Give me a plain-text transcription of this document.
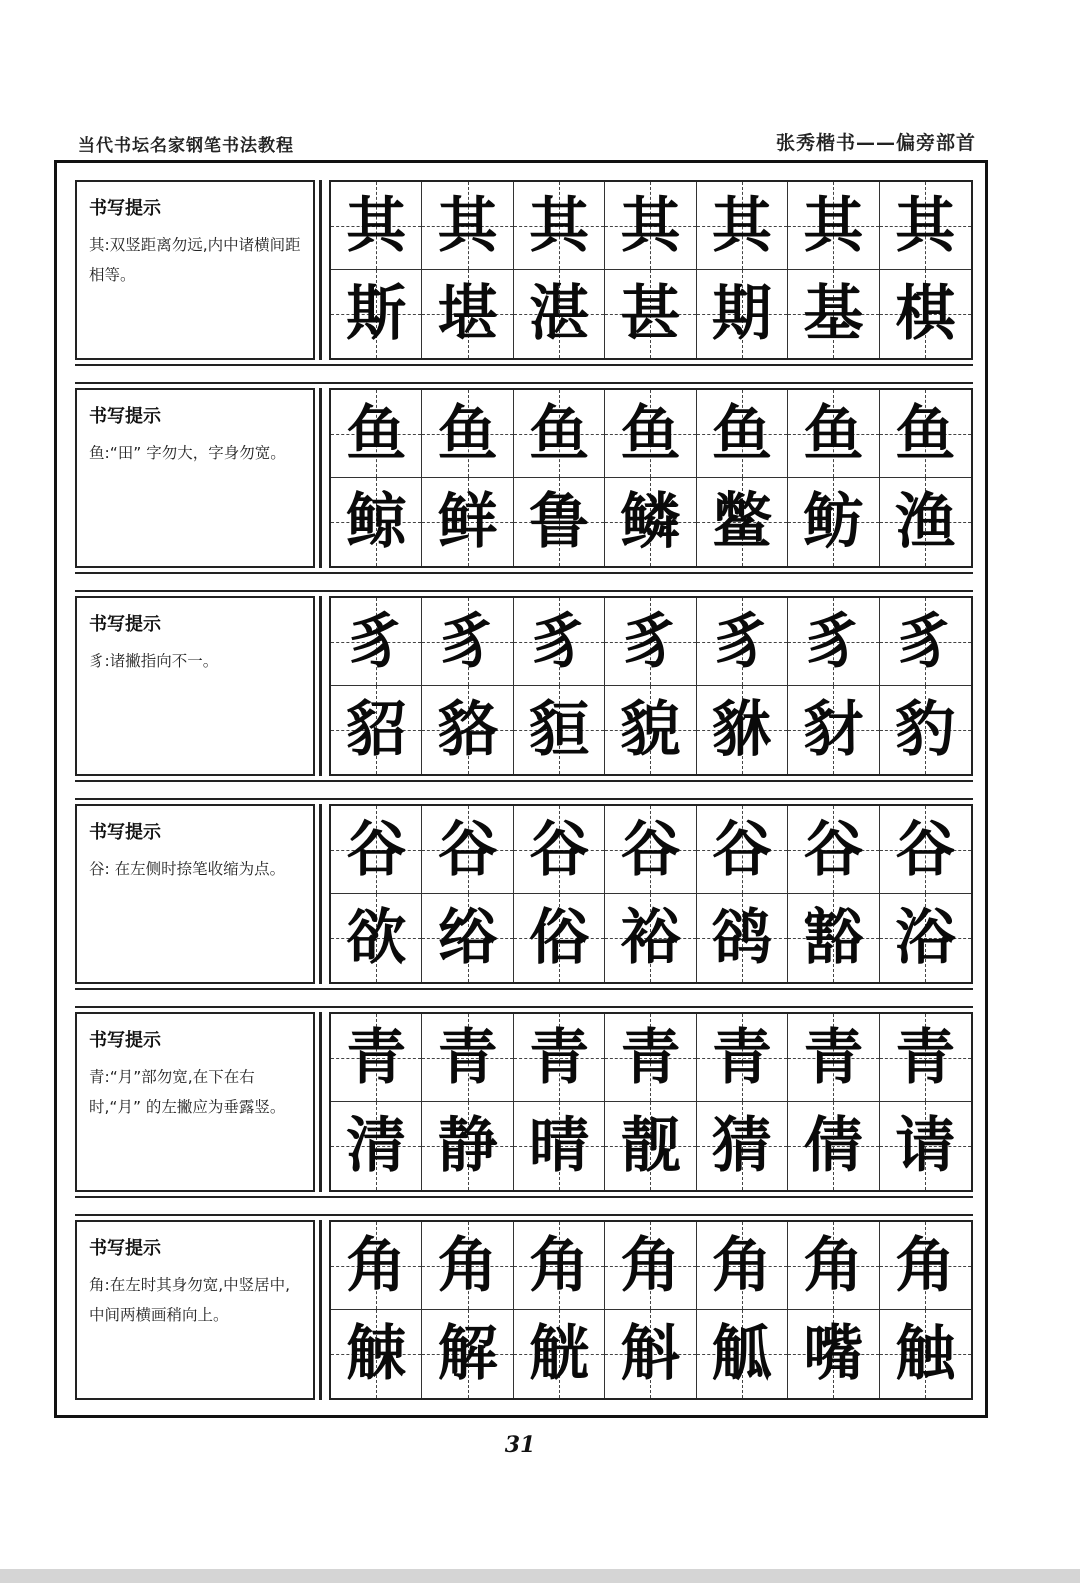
当代书坛名家钢笔书法教程	张秀楷书——偏旁部首
书写提示
其:双竖距离勿远,内中诸横间距相等。
其 其 其 其 其 其 其
斯 堪 湛 甚 期 基 棋
书写提示
鱼:“田” 字勿大，字身勿宽。 鱼 鱼 鱼 鱼 鱼 鱼 鱼
鲸 鲜 鲁 鳞 鳖 鲂 渔
书写提示
豸:诸撇指向不一。	豸 豸 豸 豸 豸 豸 豸
貂 貉 貆 貌 貅 豺 豹
书写提示
谷: 在左侧时捺笔收缩为点。 谷 谷 谷 谷 谷 谷 谷
欲 绤 俗 裕 鹆 豁 浴
书写提示
青:“月”部勿宽,在下在右时,“月” 的左撇应为垂露竖。
青 青 青 青 青 青 青
清 静 晴 靓 猜 倩 请
书写提示
角:在左时其身勿宽,中竖居中,中间两横画稍向上。
角 角 角 角 角 角 角
觫 解 觥 斛 觚 嘴 触
31
